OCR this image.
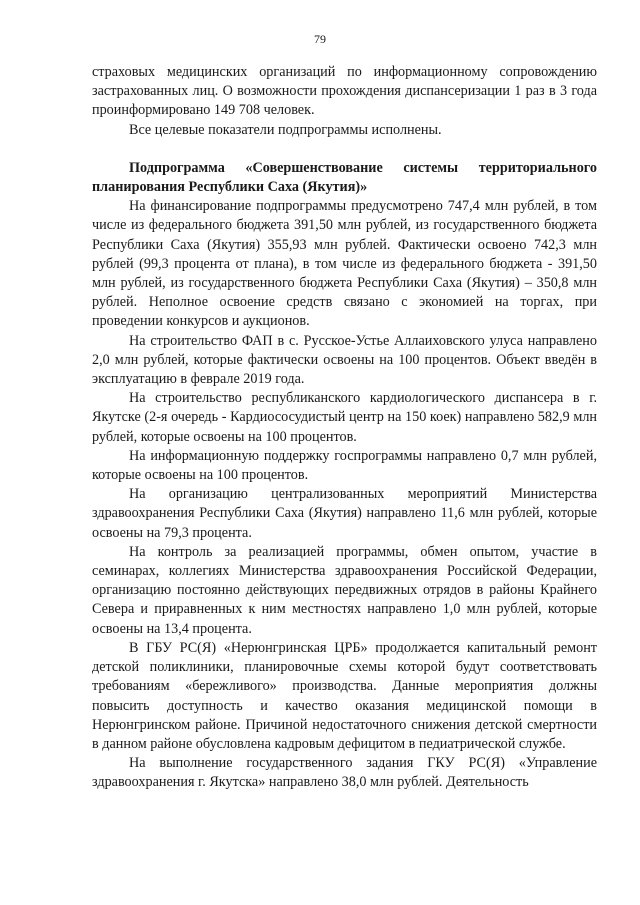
79

страховых медицинских организаций по информационному сопровождению застрахованных лиц. О возможности прохождения диспансеризации 1 раз в 3 года проинформировано 149 708 человек.

Все целевые показатели подпрограммы исполнены.

Подпрограмма «Совершенствование системы территориального планирования Республики Саха (Якутия)»

На финансирование подпрограммы предусмотрено 747,4 млн рублей, в том числе из федерального бюджета 391,50 млн рублей, из государственного бюджета Республики Саха (Якутия) 355,93 млн рублей. Фактически освоено 742,3 млн рублей (99,3 процента от плана), в том числе из федерального бюджета - 391,50 млн рублей, из государственного бюджета Республики Саха (Якутия) – 350,8 млн рублей. Неполное освоение средств связано с экономией на торгах, при проведении конкурсов и аукционов.

На строительство ФАП в с. Русское-Устье Аллаиховского улуса направлено 2,0 млн рублей, которые фактически освоены на 100 процентов. Объект введён в эксплуатацию в феврале 2019 года.

На строительство республиканского кардиологического диспансера в г. Якутске (2-я очередь - Кардиососудистый центр на 150 коек) направлено 582,9 млн рублей, которые освоены на 100 процентов.

На информационную поддержку госпрограммы направлено 0,7 млн рублей, которые освоены на 100 процентов.

На организацию централизованных мероприятий Министерства здравоохранения Республики Саха (Якутия) направлено 11,6 млн рублей, которые освоены на 79,3 процента.

На контроль за реализацией программы, обмен опытом, участие в семинарах, коллегиях Министерства здравоохранения Российской Федерации, организацию постоянно действующих передвижных отрядов в районы Крайнего Севера и приравненных к ним местностях направлено 1,0 млн рублей, которые освоены на 13,4 процента.

В ГБУ РС(Я) «Нерюнгринская ЦРБ» продолжается капитальный ремонт детской поликлиники, планировочные схемы которой будут соответствовать требованиям «бережливого» производства. Данные мероприятия должны повысить доступность и качество оказания медицинской помощи в Нерюнгринском районе. Причиной недостаточного снижения детской смертности в данном районе обусловлена кадровым дефицитом в педиатрической службе.

На выполнение государственного задания ГКУ РС(Я) «Управление здравоохранения г. Якутска» направлено 38,0 млн рублей. Деятельность
